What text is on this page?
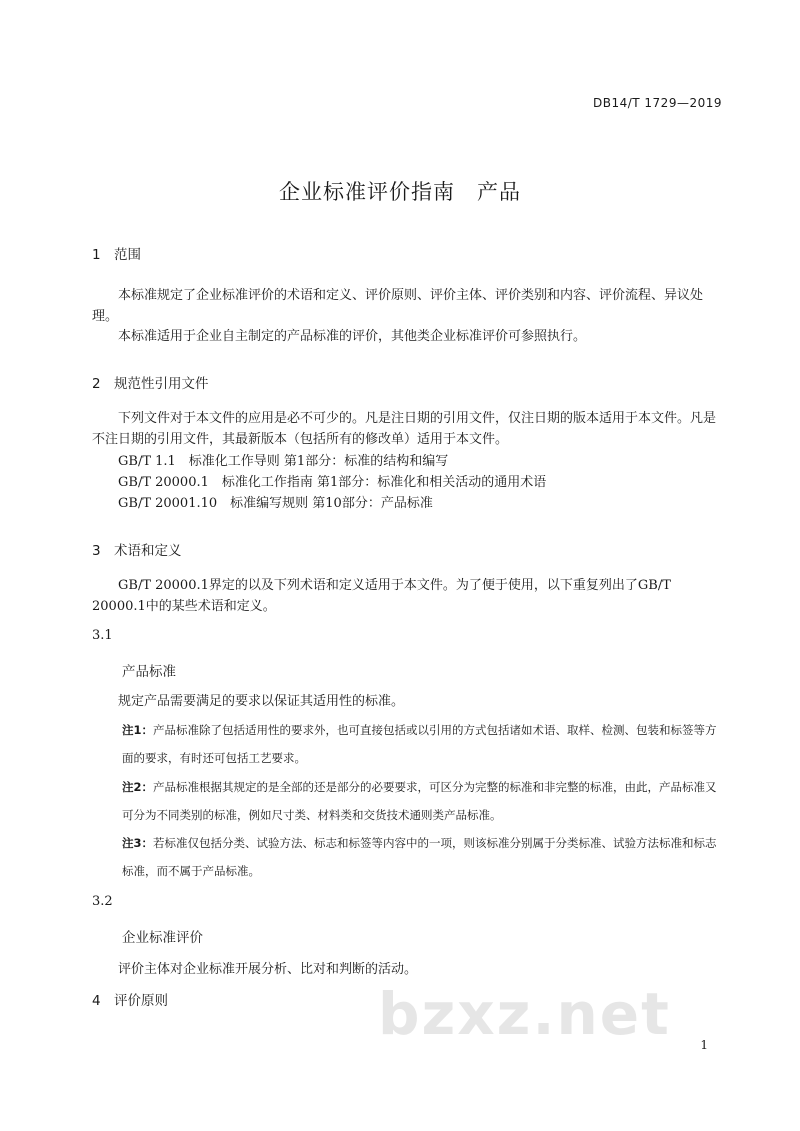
DB14/T 1729—2019
企业标准评价指南 产品
1 范围
本标准规定了企业标准评价的术语和定义、评价原则、评价主体、评价类别和内容、评价流程、异议处理。
本标准适用于企业自主制定的产品标准的评价，其他类企业标准评价可参照执行。
2 规范性引用文件
下列文件对于本文件的应用是必不可少的。凡是注日期的引用文件，仅注日期的版本适用于本文件。凡是不注日期的引用文件，其最新版本（包括所有的修改单）适用于本文件。
GB/T 1.1　标准化工作导则 第1部分：标准的结构和编写
GB/T 20000.1　标准化工作指南 第1部分：标准化和相关活动的通用术语
GB/T 20001.10　标准编写规则 第10部分：产品标准
3 术语和定义
GB/T 20000.1界定的以及下列术语和定义适用于本文件。为了便于使用，以下重复列出了GB/T 20000.1中的某些术语和定义。
3.1
产品标准
规定产品需要满足的要求以保证其适用性的标准。
注1：产品标准除了包括适用性的要求外，也可直接包括或以引用的方式包括诸如术语、取样、检测、包装和标签等方面的要求，有时还可包括工艺要求。
注2：产品标准根据其规定的是全部的还是部分的必要要求，可区分为完整的标准和非完整的标准，由此，产品标准又可分为不同类别的标准，例如尺寸类、材料类和交货技术通则类产品标准。
注3：若标准仅包括分类、试验方法、标志和标签等内容中的一项，则该标准分别属于分类标准、试验方法标准和标志标准，而不属于产品标准。
3.2
企业标准评价
评价主体对企业标准开展分析、比对和判断的活动。
4 评价原则	bzxz.net 1
